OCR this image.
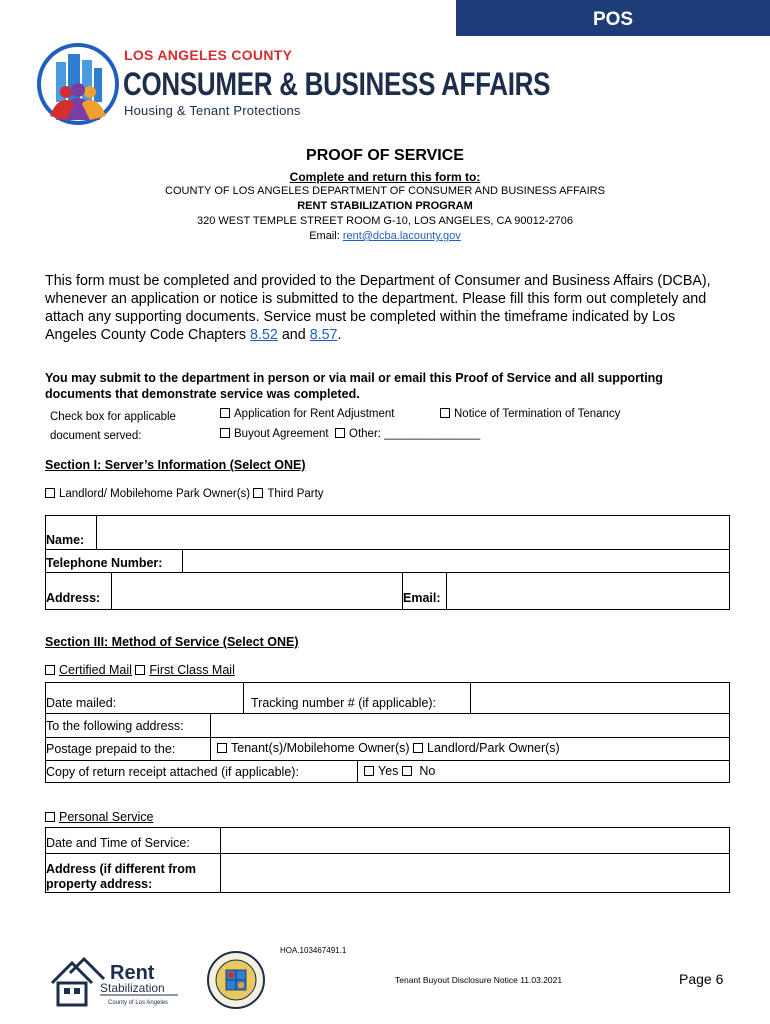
POS
LOS ANGELES COUNTY
CONSUMER & BUSINESS AFFAIRS
Housing & Tenant Protections
PROOF OF SERVICE
Complete and return this form to:
COUNTY OF LOS ANGELES DEPARTMENT OF CONSUMER AND BUSINESS AFFAIRS
RENT STABILIZATION PROGRAM
320 WEST TEMPLE STREET ROOM G-10, LOS ANGELES, CA 90012-2706
Email: rent@dcba.lacounty.gov
This form must be completed and provided to the Department of Consumer and Business Affairs (DCBA), whenever an application or notice is submitted to the department. Please fill this form out completely and attach any supporting documents. Service must be completed within the timeframe indicated by Los Angeles County Code Chapters 8.52 and 8.57.
You may submit to the department in person or via mail or email this Proof of Service and all supporting documents that demonstrate service was completed.
Check box for applicable
document served:
Application for Rent Adjustment	Notice of Termination of Tenancy
Buyout Agreement Other: _______________
Section I: Server’s Information (Select ONE)
Landlord/ Mobilehome Park Owner(s) Third Party
Name:
Telephone Number:
Address:	Email:
Section III: Method of Service (Select ONE)
Certified Mail First Class Mail
Date mailed:	Tracking number # (if applicable):
To the following address:
Postage prepaid to the:	Tenant(s)/Mobilehome Owner(s) Landlord/Park Owner(s)
Copy of return receipt attached (if applicable):	Yes No
Personal Service
Date and Time of Service:
Address (if different from
property address:
Rent
Stabilization
County of Los Angeles
HOA.103467491.1
Tenant Buyout Disclosure Notice 11.03.2021	Page 6
